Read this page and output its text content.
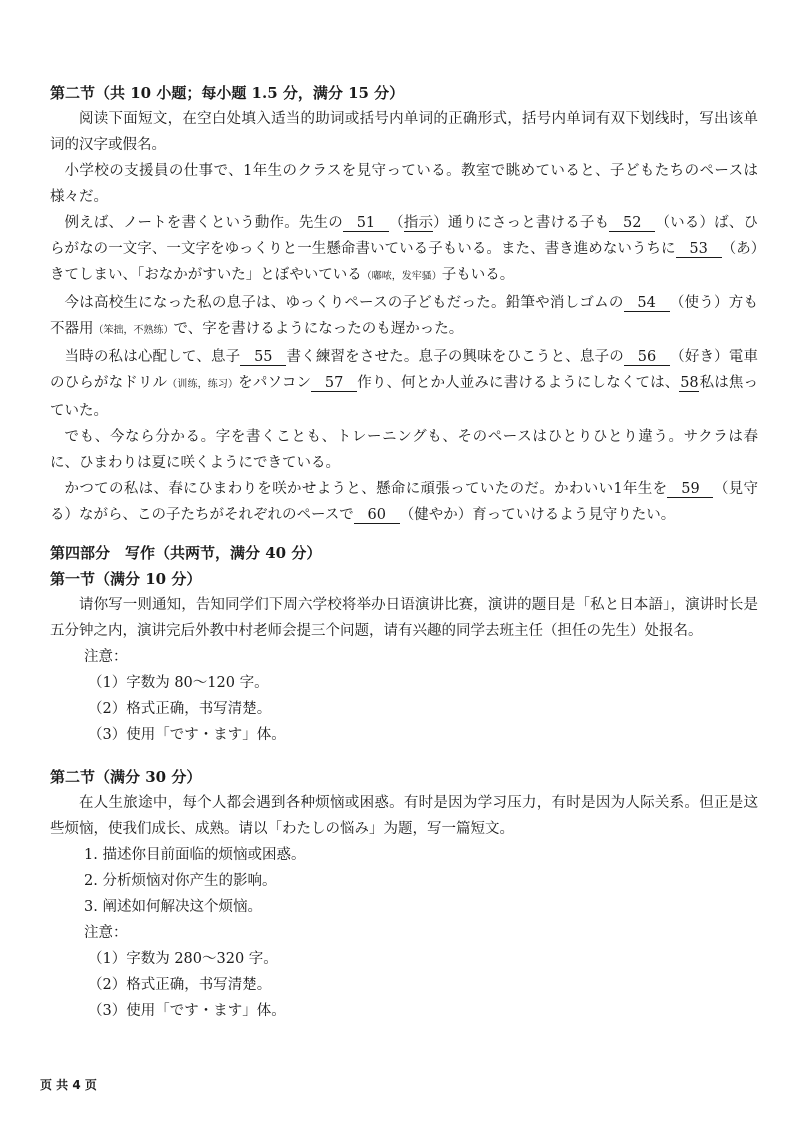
第二节（共 10 小题；每小题 1.5 分，满分 15 分）

阅读下面短文，在空白处填入适当的助词或括号内单词的正确形式，括号内单词有双下划线时，写出该单词的汉字或假名。

小学校の支援員の仕事で、1年生のクラスを見守っている。教室で眺めていると、子どもたちのペースは様々だ。

例えば、ノートを書くという動作。先生の 51 （指示）通りにさっと書ける子も 52 （いる）ば、ひらがなの一文字、一文字をゆっくりと一生懸命書いている子もいる。また、書き進めないうちに 53 （あ）きてしまい、「おなかがすいた」とぼやいている（嘟哝，发牢骚）子もいる。

今は高校生になった私の息子は、ゆっくりペースの子どもだった。鉛筆や消しゴムの 54 （使う）方も不器用（笨拙，不熟练）で、字を書けるようになったのも遅かった。

当時の私は心配して、息子 55 書く練習をさせた。息子の興味をひこうと、息子の 56 （好き）電車のひらがなドリル（训练，练习）をパソコン 57 作り、何とか人並みに書けるようにしなくては、58私は焦っていた。

でも、今なら分かる。字を書くことも、トレーニングも、そのペースはひとりひとり違う。サクラは春に、ひまわりは夏に咲くようにできている。

かつての私は、春にひまわりを咲かせようと、懸命に頑張っていたのだ。かわいい1年生を 59 （見守る）ながら、この子たちがそれぞれのペースで 60 （健やか）育っていけるよう見守りたい。

第四部分　写作（共两节，满分 40 分）

第一节（满分 10 分）

请你写一则通知，告知同学们下周六学校将举办日语演讲比赛，演讲的题目是「私と日本語」，演讲时长是五分钟之内，演讲完后外教中村老师会提三个问题，请有兴趣的同学去班主任（担任の先生）处报名。

注意：

（1）字数为 80～120 字。

（2）格式正确，书写清楚。

（3）使用「です・ます」体。

第二节（满分 30 分）

在人生旅途中，每个人都会遇到各种烦恼或困惑。有时是因为学习压力，有时是因为人际关系。但正是这些烦恼，使我们成长、成熟。请以「わたしの悩み」为题，写一篇短文。

1. 描述你目前面临的烦恼或困惑。

2. 分析烦恼对你产生的影响。

3. 阐述如何解决这个烦恼。

注意：

（1）字数为 280～320 字。

（2）格式正确，书写清楚。

（3）使用「です・ます」体。

页 共 4 页
